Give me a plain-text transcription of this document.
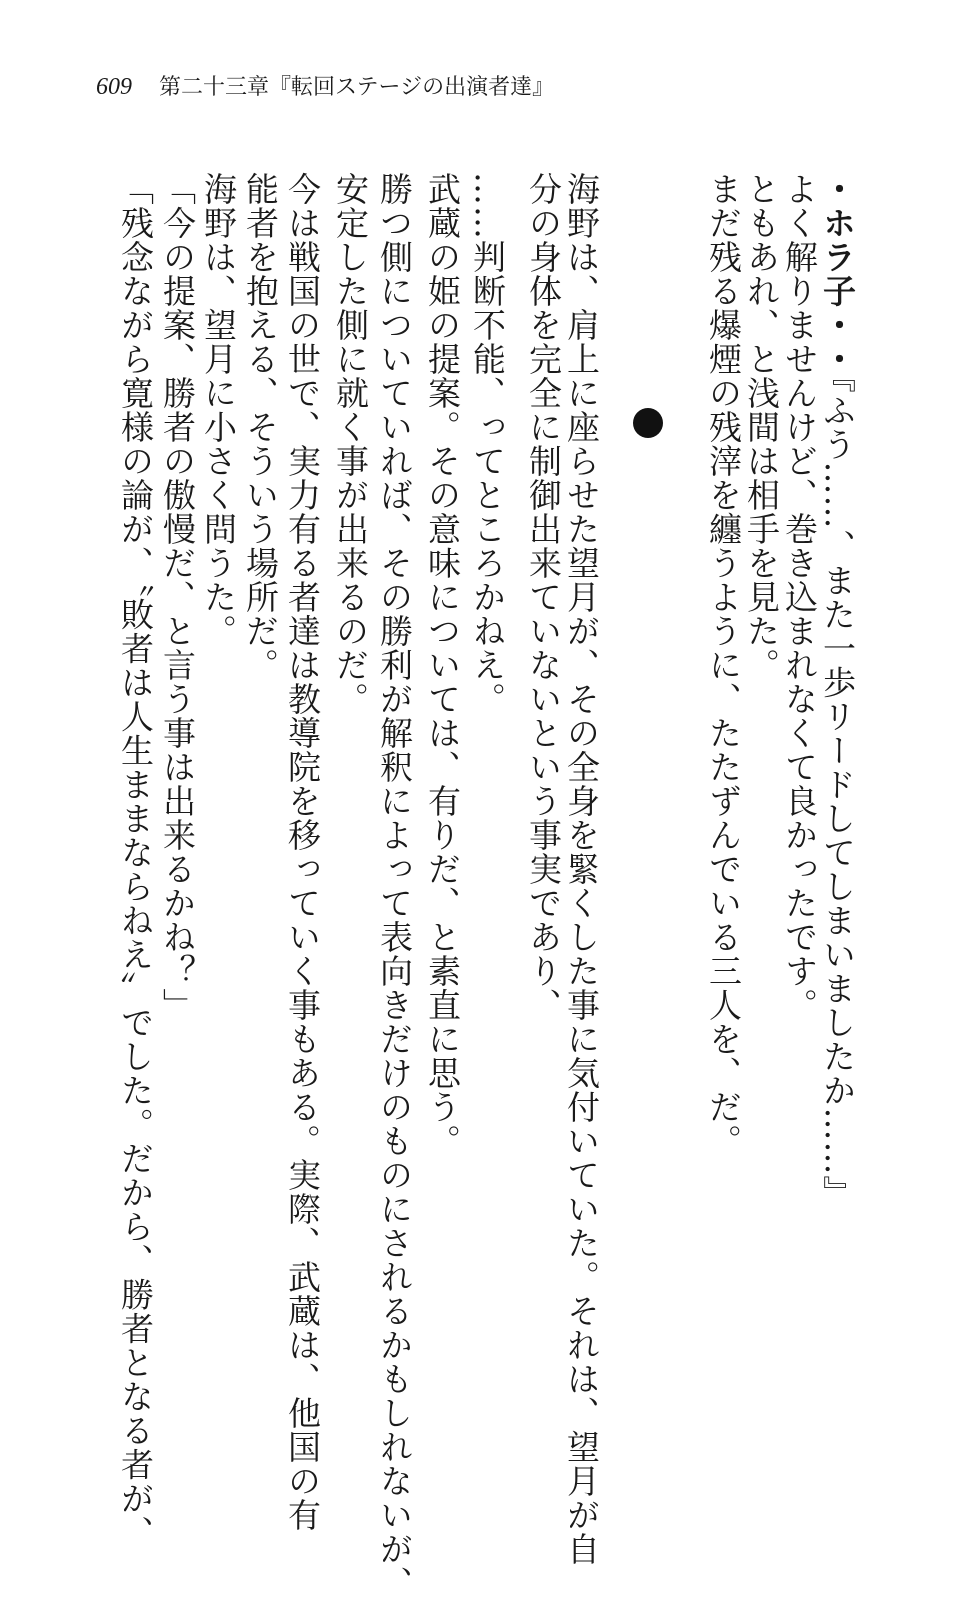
609 第二十三章『転回ステージの出演者達』
・ホラ子・・『ふう……、また一歩リードしてしまいましたか……』
よく解りませんけど、巻き込まれなくて良かったです。
ともあれ、と浅間は相手を見た。
まだ残る爆煙の残滓を纏うように、たたずんでいる三人を、だ。
海野は、肩上に座らせた望月が、その全身を緊くした事に気付いていた。それは、望月が自
分の身体を完全に制御出来ていないという事実であり、
……判断不能、ってところかねえ。
武蔵の姫の提案。その意味については、有りだ、と素直に思う。
勝つ側についていれば、その勝利が解釈によって表向きだけのものにされるかもしれないが、
安定した側に就く事が出来るのだ。
今は戦国の世で、実力有る者達は教導院を移っていく事もある。実際、武蔵は、他国の有
能者を抱える、そういう場所だ。
海野は、望月に小さく問うた。
「今の提案、勝者の傲慢だ、と言う事は出来るかね？」
「残念ながら寛様の論が、〝敗者は人生ままならねえ〟でした。だから、勝者となる者が、
